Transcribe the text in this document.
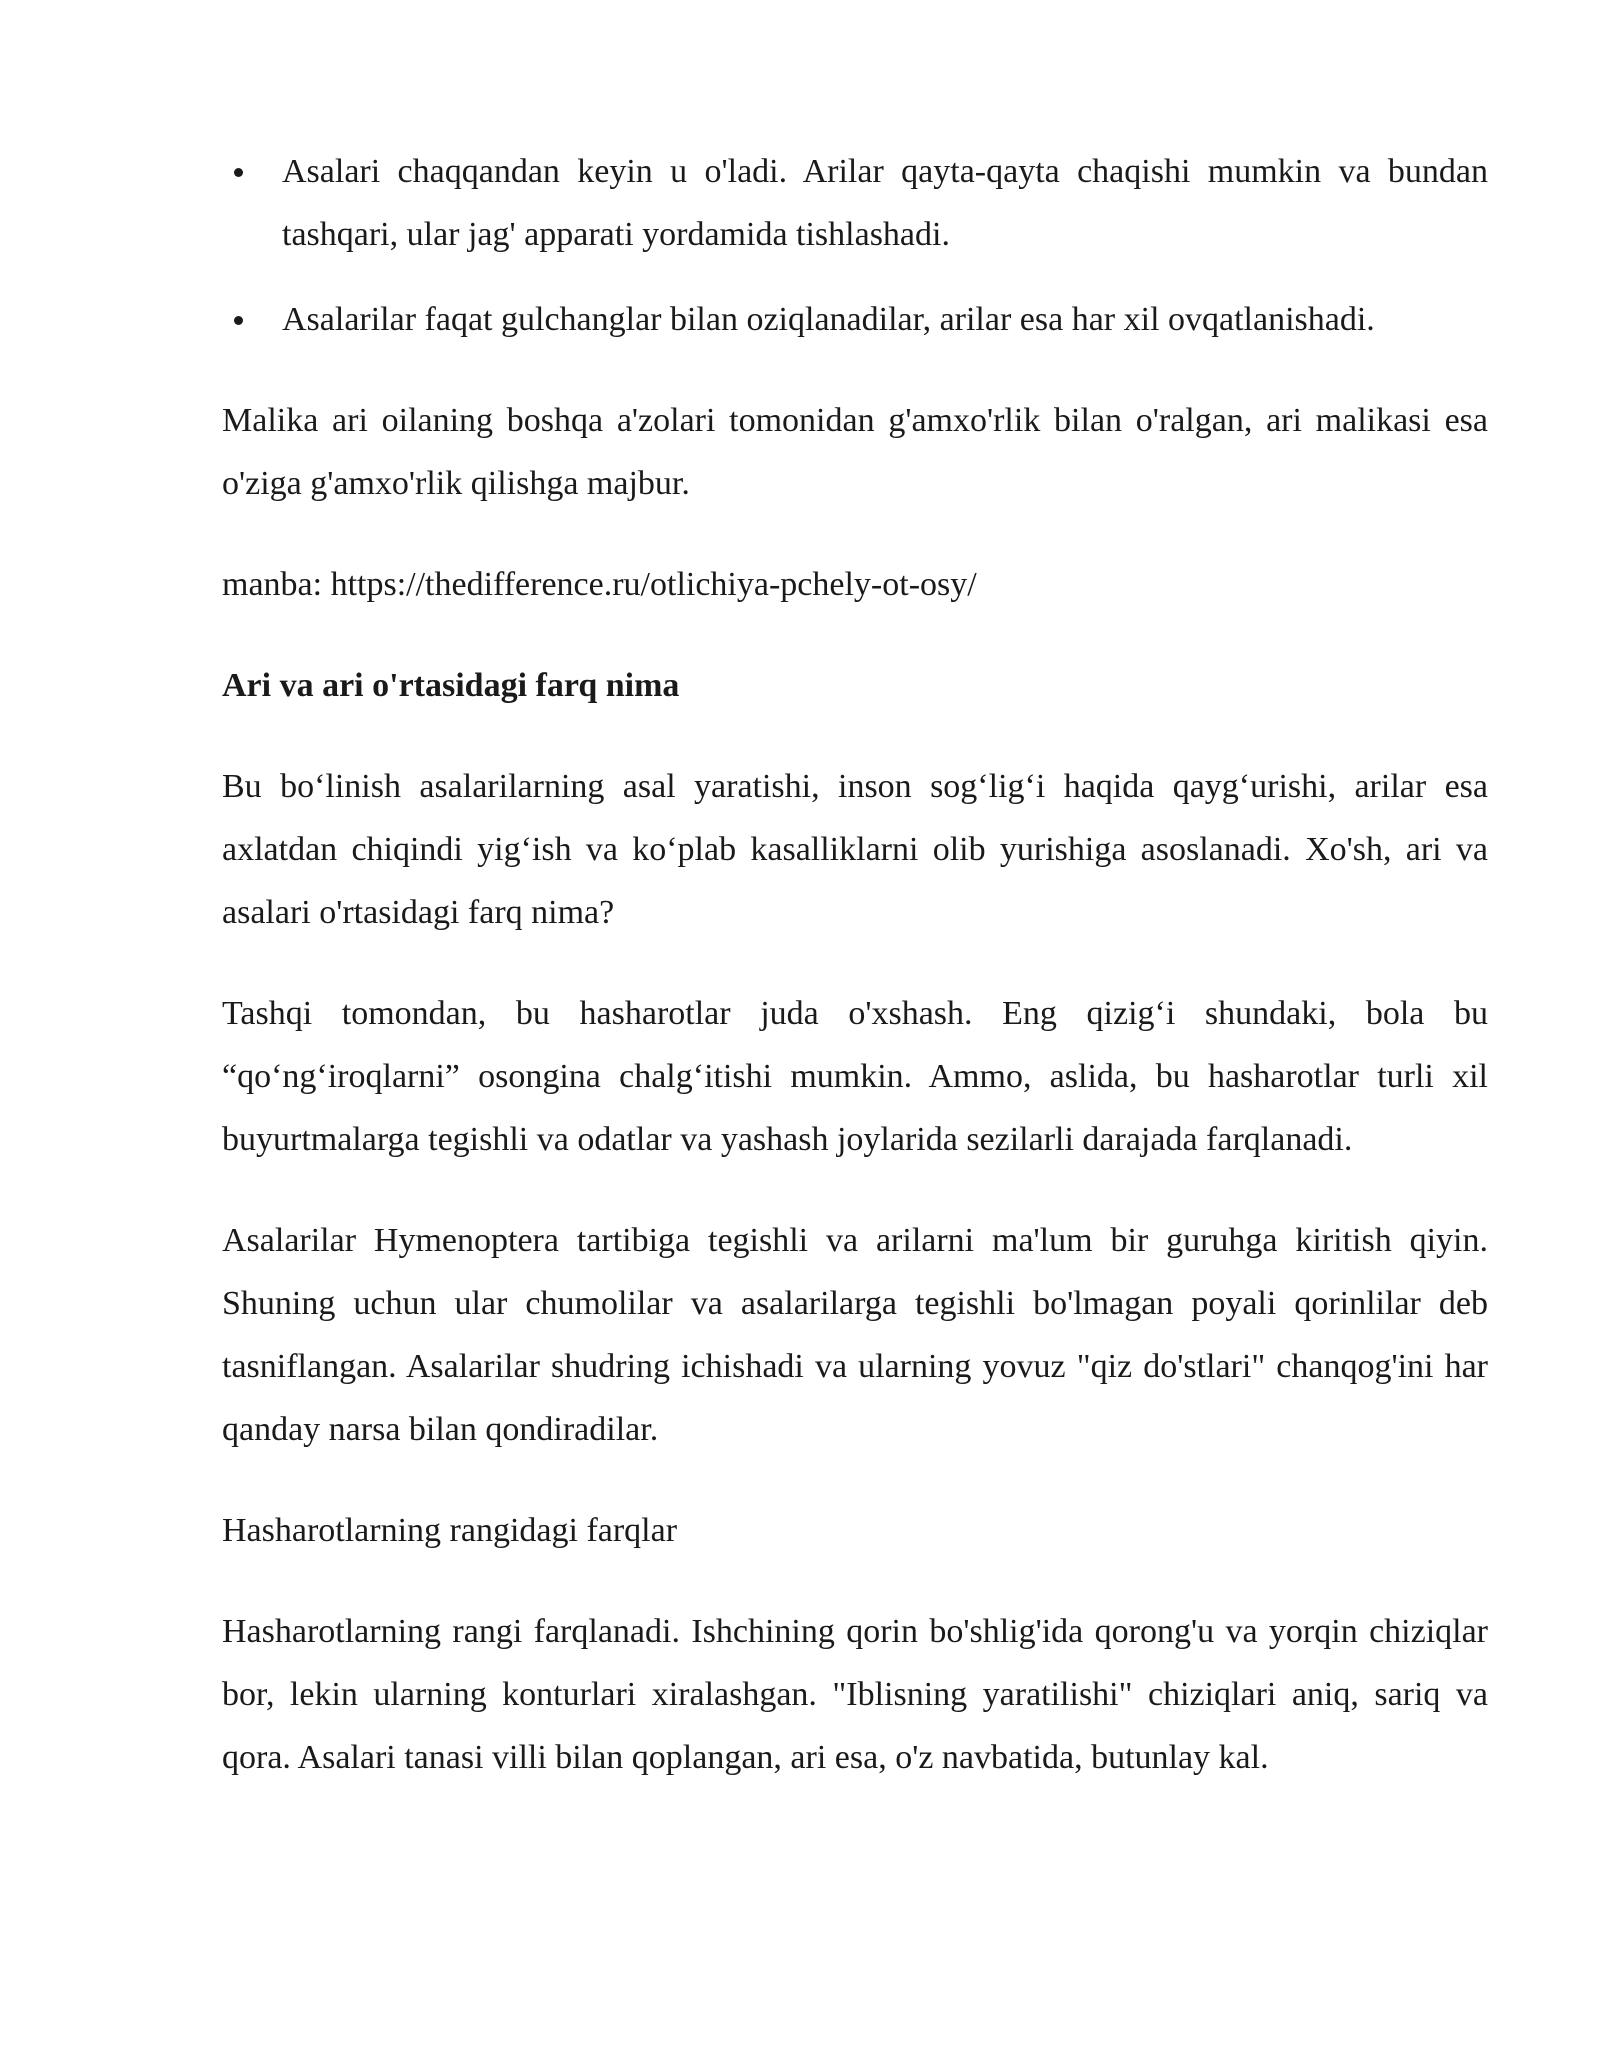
Asalari chaqqandan keyin u o'ladi. Arilar qayta-qayta chaqishi mumkin va bundan tashqari, ular jag' apparati yordamida tishlashadi.
Asalarilar faqat gulchanglar bilan oziqlanadilar, arilar esa har xil ovqatlanishadi.

Malika ari oilaning boshqa a'zolari tomonidan g'amxo'rlik bilan o'ralgan, ari malikasi esa o'ziga g'amxo'rlik qilishga majbur.

manba: https://thedifference.ru/otlichiya-pchely-ot-osy/

Ari va ari o'rtasidagi farq nima

Bu bo‘linish asalarilarning asal yaratishi, inson sog‘lig‘i haqida qayg‘urishi, arilar esa axlatdan chiqindi yig‘ish va ko‘plab kasalliklarni olib yurishiga asoslanadi. Xo'sh, ari va asalari o'rtasidagi farq nima?

Tashqi tomondan, bu hasharotlar juda o'xshash. Eng qizig‘i shundaki, bola bu “qo‘ng‘iroqlarni” osongina chalg‘itishi mumkin. Ammo, aslida, bu hasharotlar turli xil buyurtmalarga tegishli va odatlar va yashash joylarida sezilarli darajada farqlanadi.

Asalarilar Hymenoptera tartibiga tegishli va arilarni ma'lum bir guruhga kiritish qiyin. Shuning uchun ular chumolilar va asalarilarga tegishli bo'lmagan poyali qorinlilar deb tasniflangan. Asalarilar shudring ichishadi va ularning yovuz "qiz do'stlari" chanqog'ini har qanday narsa bilan qondiradilar.

Hasharotlarning rangidagi farqlar

Hasharotlarning rangi farqlanadi. Ishchining qorin bo'shlig'ida qorong'u va yorqin chiziqlar bor, lekin ularning konturlari xiralashgan. "Iblisning yaratilishi" chiziqlari aniq, sariq va qora. Asalari tanasi villi bilan qoplangan, ari esa, o'z navbatida, butunlay kal.
